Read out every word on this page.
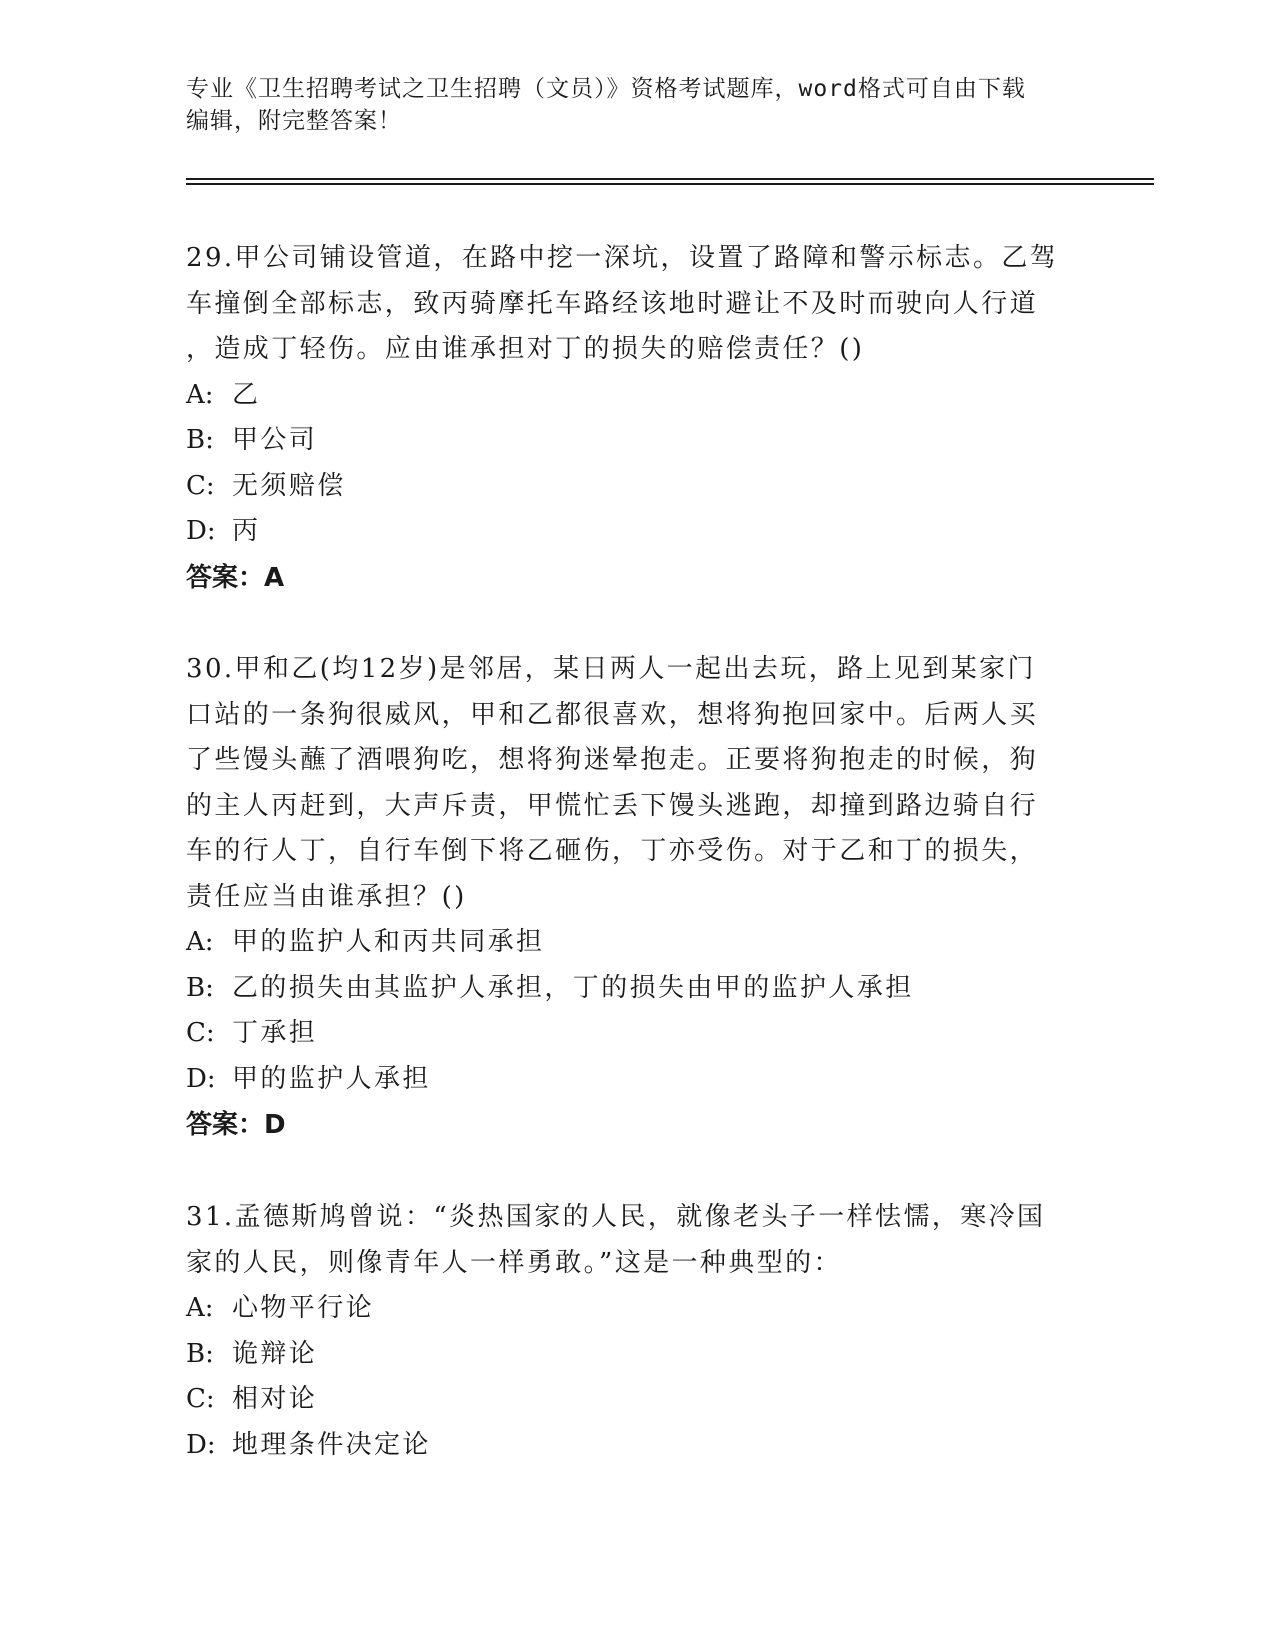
专业《卫生招聘考试之卫生招聘（文员）》资格考试题库，word格式可自由下载
编辑，附完整答案！

29.甲公司铺设管道，在路中挖一深坑，设置了路障和警示标志。乙驾

车撞倒全部标志，致丙骑摩托车路经该地时避让不及时而驶向人行道

，造成丁轻伤。应由谁承担对丁的损失的赔偿责任？()

A: 乙

B: 甲公司

C: 无须赔偿

D: 丙

答案：A

30.甲和乙(均12岁)是邻居，某日两人一起出去玩，路上见到某家门

口站的一条狗很威风，甲和乙都很喜欢，想将狗抱回家中。后两人买

了些馒头蘸了酒喂狗吃，想将狗迷晕抱走。正要将狗抱走的时候，狗

的主人丙赶到，大声斥责，甲慌忙丢下馒头逃跑，却撞到路边骑自行

车的行人丁，自行车倒下将乙砸伤，丁亦受伤。对于乙和丁的损失，

责任应当由谁承担？()

A: 甲的监护人和丙共同承担

B: 乙的损失由其监护人承担，丁的损失由甲的监护人承担

C: 丁承担

D: 甲的监护人承担

答案：D

31.孟德斯鸠曾说：“炎热国家的人民，就像老头子一样怯懦，寒冷国

家的人民，则像青年人一样勇敢。”这是一种典型的：

A: 心物平行论

B: 诡辩论

C: 相对论

D: 地理条件决定论
